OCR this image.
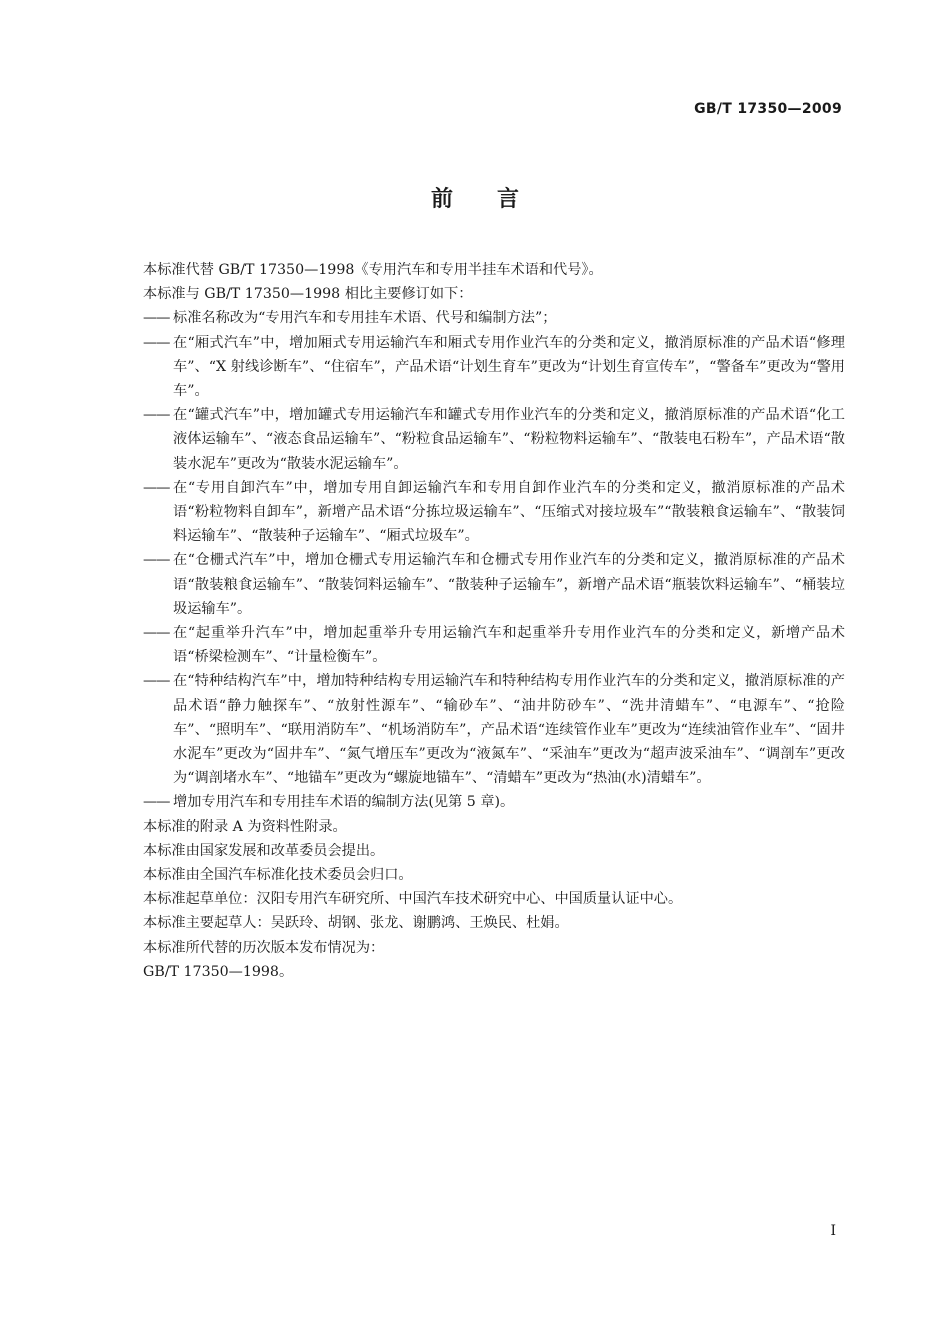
GB/T 17350—2009
前言

本标准代替 GB/T 17350—1998《专用汽车和专用半挂车术语和代号》。

本标准与 GB/T 17350—1998 相比主要修订如下：

—— 标准名称改为“专用汽车和专用挂车术语、代号和编制方法”；
—— 在“厢式汽车”中，增加厢式专用运输汽车和厢式专用作业汽车的分类和定义，撤消原标准的产品术语“修理车”、“X 射线诊断车”、“住宿车”，产品术语“计划生育车”更改为“计划生育宣传车”，“警备车”更改为“警用车”。
—— 在“罐式汽车”中，增加罐式专用运输汽车和罐式专用作业汽车的分类和定义，撤消原标准的产品术语“化工液体运输车”、“液态食品运输车”、“粉粒食品运输车”、“粉粒物料运输车”、“散装电石粉车”，产品术语“散装水泥车”更改为“散装水泥运输车”。
—— 在“专用自卸汽车”中，增加专用自卸运输汽车和专用自卸作业汽车的分类和定义，撤消原标准的产品术语“粉粒物料自卸车”，新增产品术语“分拣垃圾运输车”、“压缩式对接垃圾车”“散装粮食运输车”、“散装饲料运输车”、“散装种子运输车”、“厢式垃圾车”。
—— 在“仓栅式汽车”中，增加仓栅式专用运输汽车和仓栅式专用作业汽车的分类和定义，撤消原标准的产品术语“散装粮食运输车”、“散装饲料运输车”、“散装种子运输车”，新增产品术语“瓶装饮料运输车”、“桶装垃圾运输车”。
—— 在“起重举升汽车”中，增加起重举升专用运输汽车和起重举升专用作业汽车的分类和定义，新增产品术语“桥梁检测车”、“计量检衡车”。
—— 在“特种结构汽车”中，增加特种结构专用运输汽车和特种结构专用作业汽车的分类和定义，撤消原标准的产品术语“静力触探车”、“放射性源车”、“输砂车”、“油井防砂车”、“洗井清蜡车”、“电源车”、“抢险车”、“照明车”、“联用消防车”、“机场消防车”，产品术语“连续管作业车”更改为“连续油管作业车”、“固井水泥车”更改为“固井车”、“氮气增压车”更改为“液氮车”、“采油车”更改为“超声波采油车”、“调剖车”更改为“调剖堵水车”、“地锚车”更改为“螺旋地锚车”、“清蜡车”更改为“热油(水)清蜡车”。
—— 增加专用汽车和专用挂车术语的编制方法(见第 5 章)。

本标准的附录 A 为资料性附录。

本标准由国家发展和改革委员会提出。

本标准由全国汽车标准化技术委员会归口。

本标准起草单位：汉阳专用汽车研究所、中国汽车技术研究中心、中国质量认证中心。

本标准主要起草人：吴跃玲、胡钢、张龙、谢鹏鸿、王焕民、杜娟。

本标准所代替的历次版本发布情况为：

GB/T 17350—1998。

I
